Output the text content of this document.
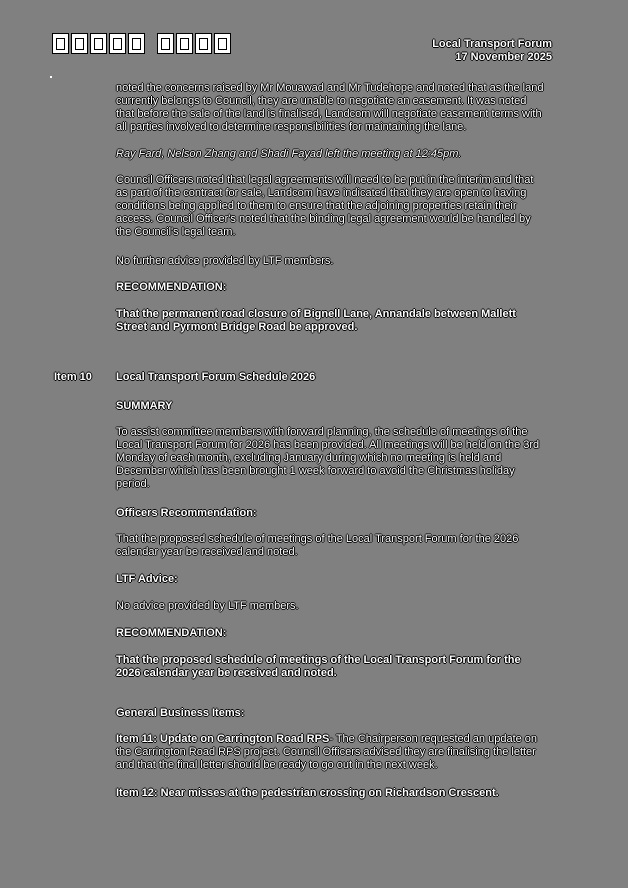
Local Transport Forum
17 November 2025

noted the concerns raised by Mr Mouawad and Mr Tudehope and noted that as the land currently belongs to Council, they are unable to negotiate an easement. It was noted that before the sale of the land is finalised, Landcom will negotiate easement terms with all parties involved to determine responsibilities for maintaining the lane.

Ray Fard, Nelson Zhang and Shadi Fayad left the meeting at 12:45pm.

Council Officers noted that legal agreements will need to be put in the interim and that as part of the contract for sale, Landcom have indicated that they are open to having conditions being applied to them to ensure that the adjoining properties retain their access. Council Officer's noted that the binding legal agreement would be handled by the Council's legal team.

No further advice provided by LTF members.

RECOMMENDATION:

That the permanent road closure of Bignell Lane, Annandale between Mallett Street and Pyrmont Bridge Road be approved.

Item 10 Local Transport Forum Schedule 2026

SUMMARY

To assist committee members with forward planning, the schedule of meetings of the Local Transport Forum for 2026 has been provided. All meetings will be held on the 3rd Monday of each month, excluding January during which no meeting is held and December which has been brought 1 week forward to avoid the Christmas holiday period.

Officers Recommendation:

That the proposed schedule of meetings of the Local Transport Forum for the 2026 calendar year be received and noted.

LTF Advice:

No advice provided by LTF members.

RECOMMENDATION:

That the proposed schedule of meetings of the Local Transport Forum for the 2026 calendar year be received and noted.

General Business Items:

Item 11: Update on Carrington Road RPS- The Chairperson requested an update on the Carrington Road RPS project. Council Officers advised they are finalising the letter and that the final letter should be ready to go out in the next week.

Item 12: Near misses at the pedestrian crossing on Richardson Crescent.
